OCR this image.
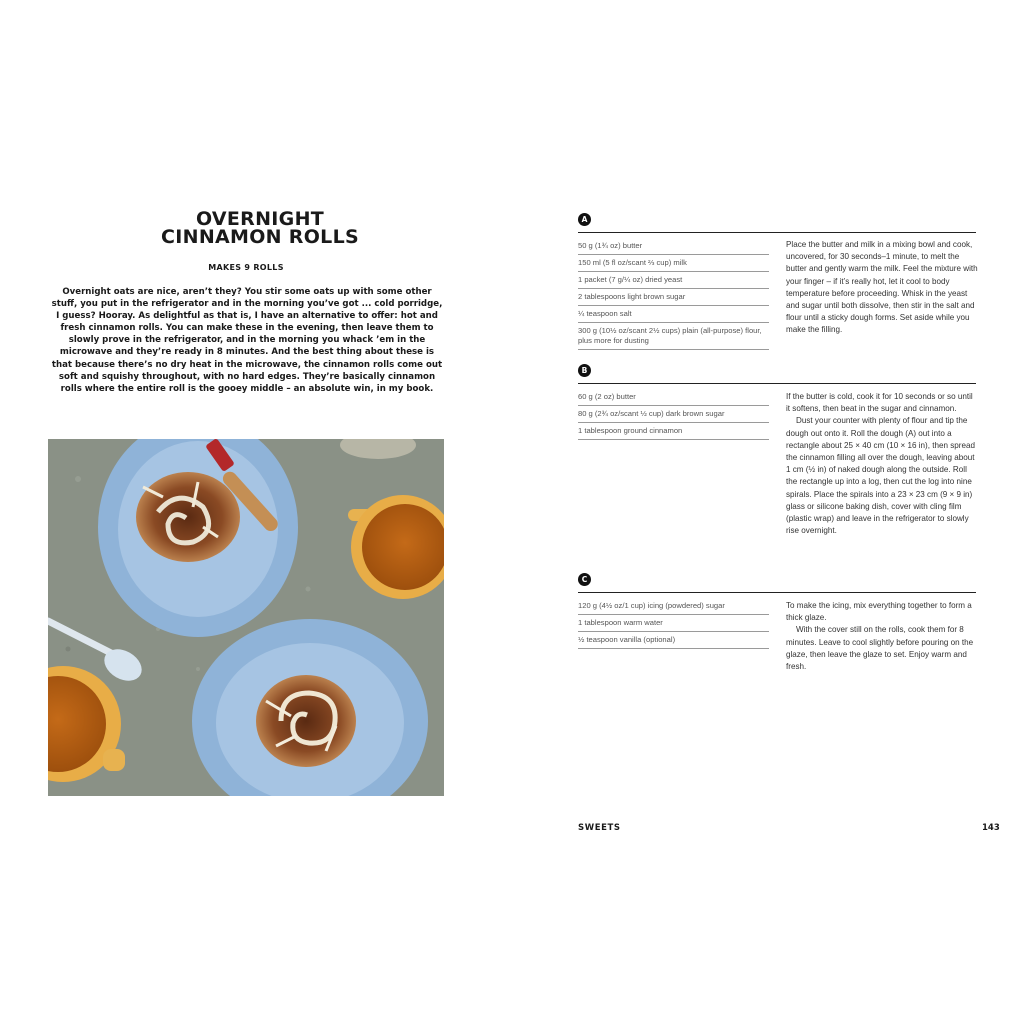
OVERNIGHT
CINNAMON ROLLS
MAKES 9 ROLLS
Overnight oats are nice, aren’t they? You stir some oats up with some other stuff, you put in the refrigerator and in the morning you’ve got ... cold porridge, I guess? Hooray. As delightful as that is, I have an alternative to offer: hot and fresh cinnamon rolls. You can make these in the evening, then leave them to slowly prove in the refrigerator, and in the morning you whack ’em in the microwave and they’re ready in 8 minutes. And the best thing about these is that because there’s no dry heat in the microwave, the cinnamon rolls come out soft and squishy throughout, with no hard edges. They’re basically cinnamon rolls where the entire roll is the gooey middle – an absolute win, in my book.
A
50 g (1¾ oz) butter
150 ml (5 fl oz/scant ⅔ cup) milk
1 packet (7 g/¼ oz) dried yeast
2 tablespoons light brown sugar
¼ teaspoon salt
300 g (10½ oz/scant 2½ cups) plain (all-purpose) flour, plus more for dusting

Place the butter and milk in a mixing bowl and cook, uncovered, for 30 seconds–1 minute, to melt the butter and gently warm the milk. Feel the mixture with your finger – if it’s really hot, let it cool to body temperature before proceeding. Whisk in the yeast and sugar until both dissolve, then stir in the salt and flour until a sticky dough forms. Set aside while you make the filling.

B
60 g (2 oz) butter
80 g (2¾ oz/scant ½ cup) dark brown sugar
1 tablespoon ground cinnamon

If the butter is cold, cook it for 10 seconds or so until it softens, then beat in the sugar and cinnamon.

Dust your counter with plenty of flour and tip the dough out onto it. Roll the dough (A) out into a rectangle about 25 × 40 cm (10 × 16 in), then spread the cinnamon filling all over the dough, leaving about 1 cm (½ in) of naked dough along the outside. Roll the rectangle up into a log, then cut the log into nine spirals. Place the spirals into a 23 × 23 cm (9 × 9 in) glass or silicone baking dish, cover with cling film (plastic wrap) and leave in the refrigerator to slowly rise overnight.

C
120 g (4½ oz/1 cup) icing (powdered) sugar
1 tablespoon warm water
½ teaspoon vanilla (optional)

To make the icing, mix everything together to form a thick glaze.

With the cover still on the rolls, cook them for 8 minutes. Leave to cool slightly before pouring on the glaze, then leave the glaze to set. Enjoy warm and fresh.

SWEETS	143
